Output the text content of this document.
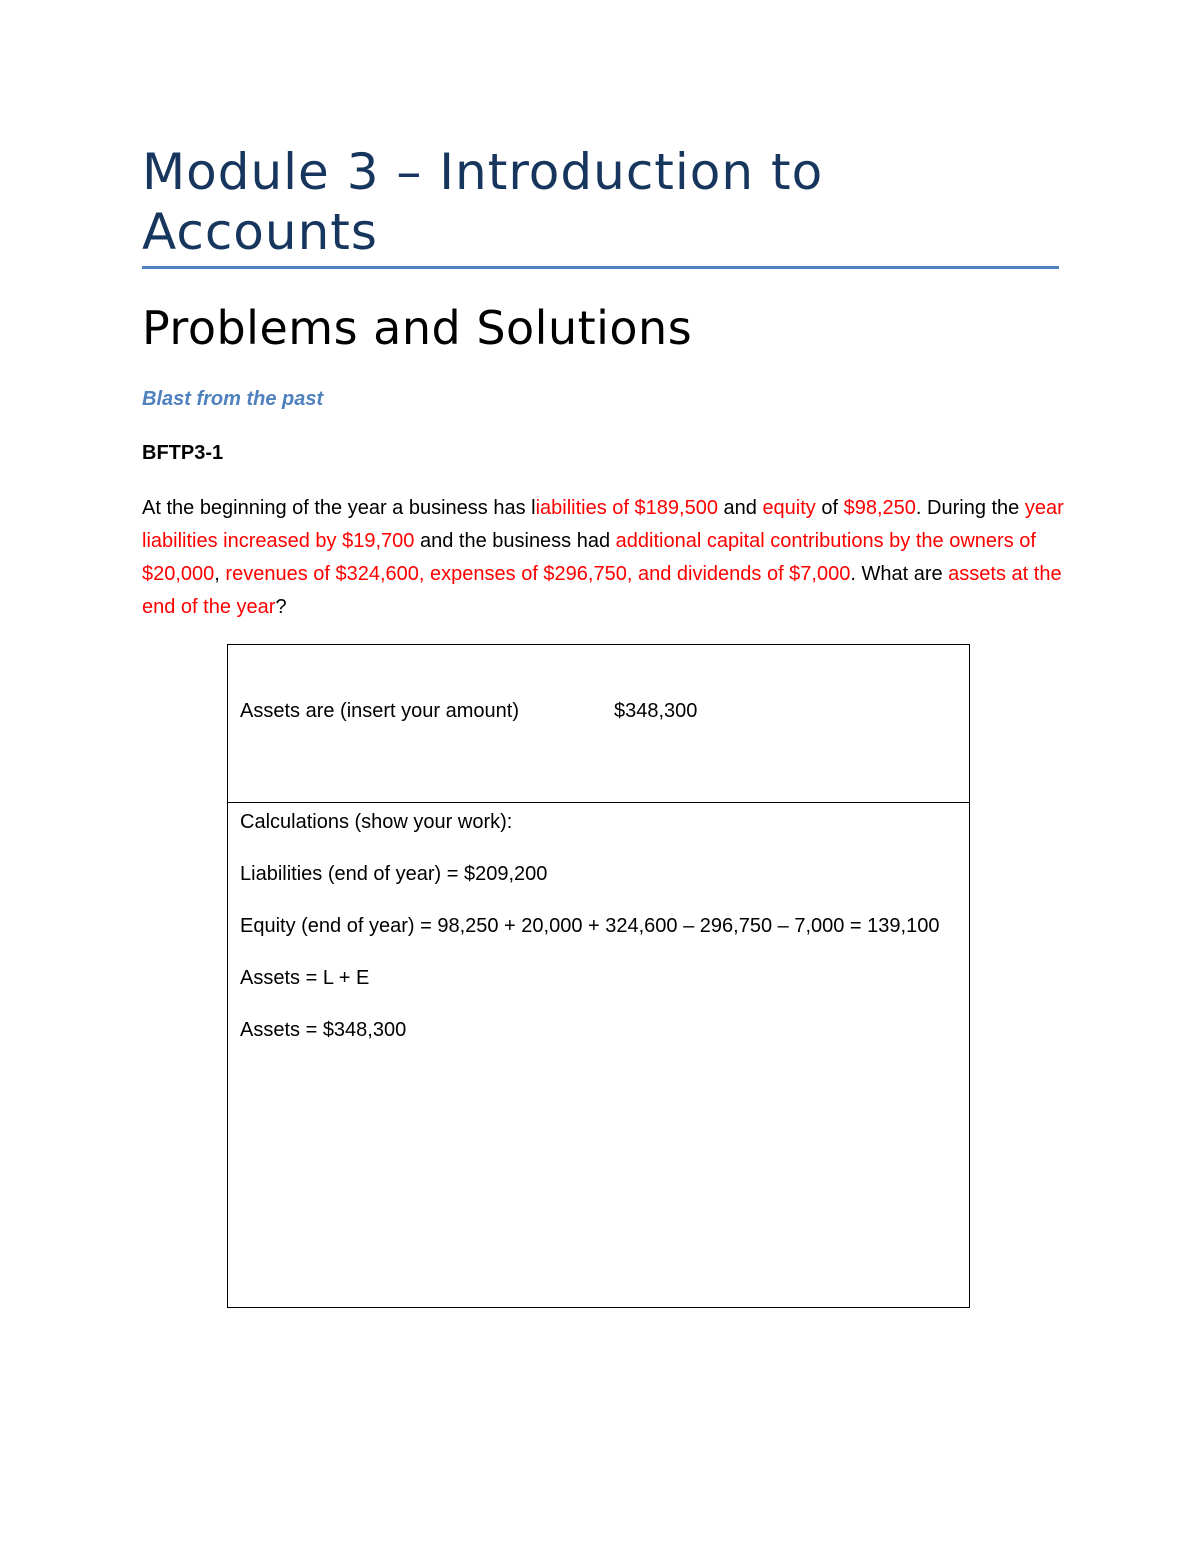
Module 3 – Introduction to
Accounts
Problems and Solutions
Blast from the past
BFTP3-1
At the beginning of the year a business has liabilities of $189,500 and equity of $98,250. During the year liabilities increased by $19,700 and the business had additional capital contributions by the owners of $20,000, revenues of $324,600, expenses of $296,750, and dividends of $7,000. What are assets at the end of the year?
Assets are (insert your amount)	$348,300
Calculations (show your work):
Liabilities (end of year) = $209,200
Equity (end of year) = 98,250 + 20,000 + 324,600 – 296,750 – 7,000 = 139,100
Assets = L + E
Assets = $348,300
